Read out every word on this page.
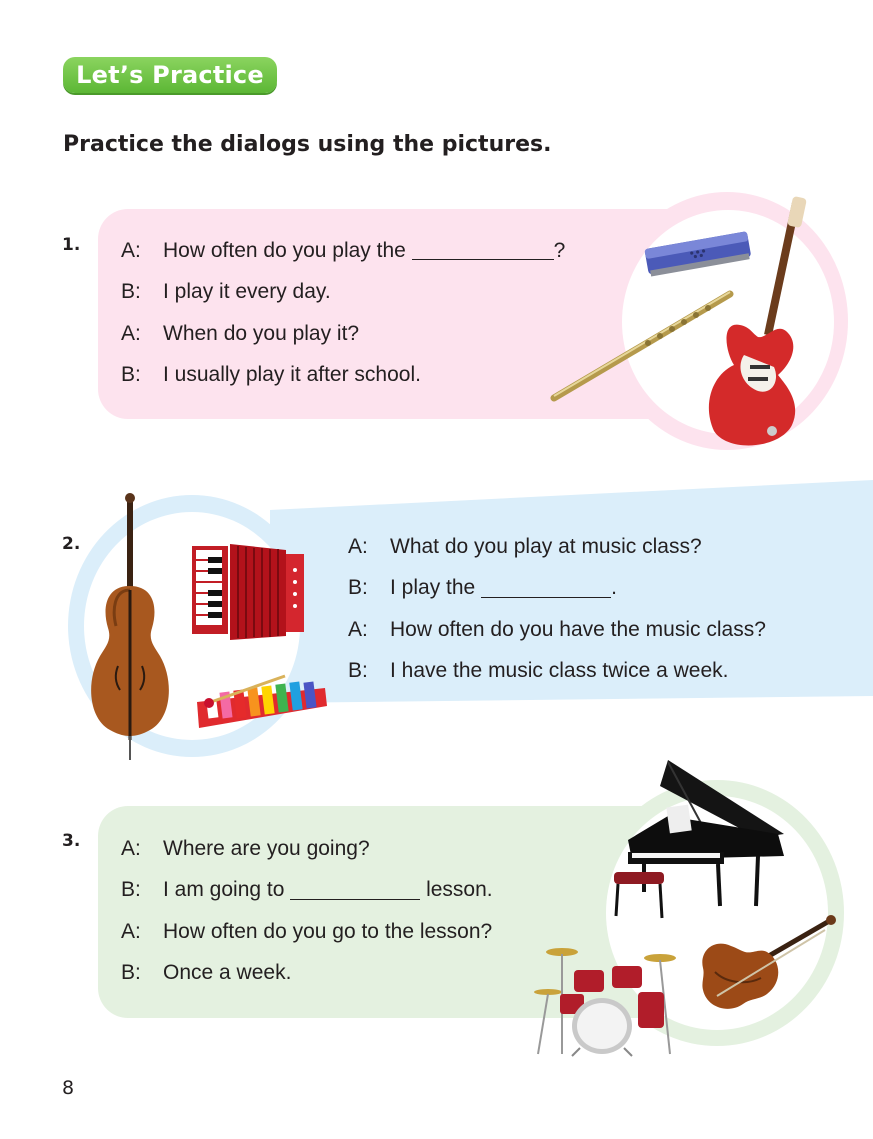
Let’s Practice
Practice the dialogs using the pictures.
1. A:	How often do you play the	?
B:	I play it every day.
A:	When do you play it?
B:	I usually play it after school.
2.	A:	What do you play at music class?
B:	I play the	.
A:	How often do you have the music class?
B:	I have the music class twice a week.
3. A:	Where are you going?
B:	I am going to	lesson.
A:	How often do you go to the lesson?
B:	Once a week.
8
